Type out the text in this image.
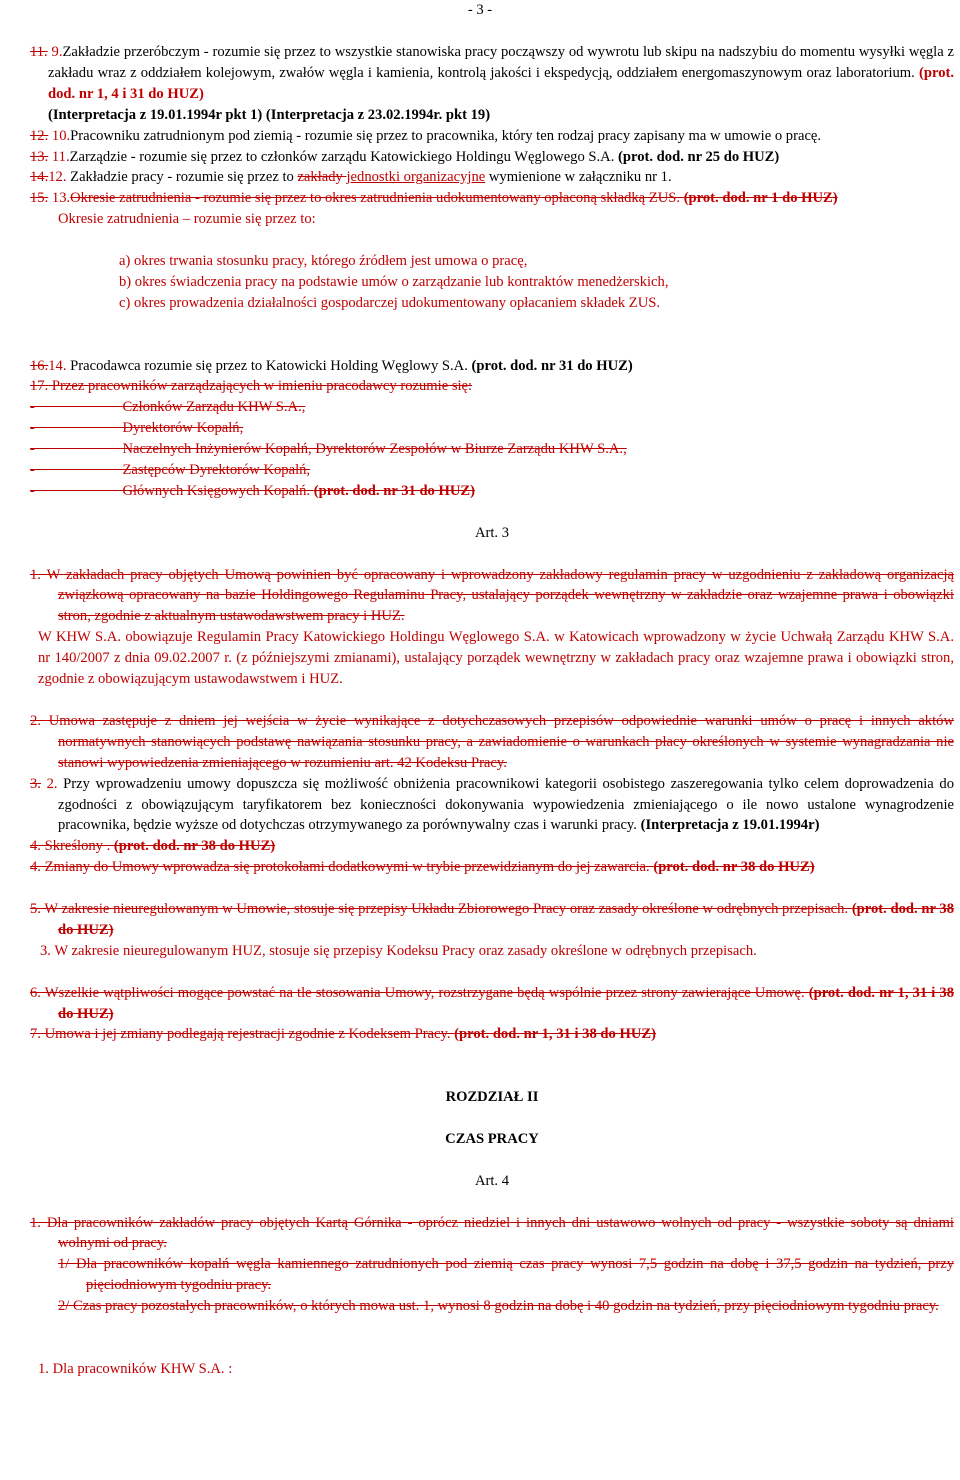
- 3 -

11. 9.Zakładzie przeróbczym - rozumie się przez to wszystkie stanowiska pracy począwszy od wywrotu lub skipu na nadszybiu do momentu wysyłki węgla z zakładu wraz z oddziałem kolejowym, zwałów węgla i kamienia, kontrolą jakości i ekspedycją, oddziałem energomaszynowym oraz laboratorium. (prot. dod. nr 1, 4 i 31 do HUZ)
(Interpretacja z 19.01.1994r pkt 1) (Interpretacja z 23.02.1994r. pkt 19)

12. 10.Pracowniku zatrudnionym pod ziemią - rozumie się przez to pracownika, który ten rodzaj pracy zapisany ma w umowie o pracę.

13. 11.Zarządzie - rozumie się przez to członków zarządu Katowickiego Holdingu Węglowego S.A. (prot. dod. nr 25 do HUZ)

14.12. Zakładzie pracy - rozumie się przez to zakłady jednostki organizacyjne wymienione w załączniku nr 1.

15. 13.Okresie zatrudnienia - rozumie się przez to okres zatrudnienia udokumentowany opłaconą składką ZUS. (prot. dod. nr 1 do HUZ)

Okresie zatrudnienia – rozumie się przez to:

a) okres trwania stosunku pracy, którego źródłem jest umowa o pracę,

b) okres świadczenia pracy na podstawie umów o zarządzanie lub kontraktów menedżerskich,

c) okres prowadzenia działalności gospodarczej udokumentowany opłacaniem składek ZUS.

16.14. Pracodawca rozumie się przez to Katowicki Holding Węglowy S.A. (prot. dod. nr 31 do HUZ)

17. Przez pracowników zarządzających w imieniu pracodawcy rozumie się:

-                        Członków Zarządu KHW S.A.,

-                        Dyrektorów Kopalń,

-                        Naczelnych Inżynierów Kopalń, Dyrektorów Zespołów w Biurze Zarządu KHW S.A.,

-                        Zastępców Dyrektorów Kopalń,

-                        Głównych Księgowych Kopalń. (prot. dod. nr 31 do HUZ)

Art. 3

1. W zakładach pracy objętych Umową powinien być opracowany i wprowadzony zakładowy regulamin pracy w uzgodnieniu z zakładową organizacją związkową opracowany na bazie Holdingowego Regulaminu Pracy, ustalający porządek wewnętrzny w zakładzie oraz wzajemne prawa i obowiązki stron, zgodnie z aktualnym ustawodawstwem pracy i HUZ.

W KHW S.A. obowiązuje Regulamin Pracy Katowickiego Holdingu Węglowego S.A. w Katowicach wprowadzony w życie Uchwałą Zarządu KHW S.A. nr 140/2007 z dnia 09.02.2007 r. (z późniejszymi zmianami), ustalający porządek wewnętrzny w zakładach pracy oraz wzajemne prawa i obowiązki stron, zgodnie z obowiązującym ustawodawstwem i HUZ.

2. Umowa zastępuje z dniem jej wejścia w życie wynikające z dotychczasowych przepisów odpowiednie warunki umów o pracę i innych aktów normatywnych stanowiących podstawę nawiązania stosunku pracy, a zawiadomienie o warunkach płacy określonych w systemie wynagradzania nie stanowi wypowiedzenia zmieniającego w rozumieniu art. 42 Kodeksu Pracy.

3. 2. Przy wprowadzeniu umowy dopuszcza się możliwość obniżenia pracownikowi kategorii osobistego zaszeregowania tylko celem doprowadzenia do zgodności z obowiązującym taryfikatorem bez konieczności dokonywania wypowiedzenia zmieniającego o ile nowo ustalone wynagrodzenie pracownika, będzie wyższe od dotychczas otrzymywanego za porównywalny czas i warunki pracy. (Interpretacja z 19.01.1994r)

4. Skreślony . (prot. dod. nr 38 do HUZ)

4. Zmiany do Umowy wprowadza się protokołami dodatkowymi w trybie przewidzianym do jej zawarcia. (prot. dod. nr 38 do HUZ)

5. W zakresie nieuregulowanym w Umowie, stosuje się przepisy Układu Zbiorowego Pracy oraz zasady określone w odrębnych przepisach. (prot. dod. nr 38 do HUZ)

3. W zakresie nieuregulowanym HUZ, stosuje się przepisy Kodeksu Pracy oraz zasady określone w odrębnych przepisach.

6. Wszelkie wątpliwości mogące powstać na tle stosowania Umowy, rozstrzygane będą wspólnie przez strony zawierające Umowę. (prot. dod. nr 1, 31 i 38 do HUZ)

7. Umowa i jej zmiany podlegają rejestracji zgodnie z Kodeksem Pracy. (prot. dod. nr 1, 31 i 38 do HUZ)

ROZDZIAŁ II

CZAS PRACY

Art. 4

1. Dla pracowników zakładów pracy objętych Kartą Górnika - oprócz niedziel i innych dni ustawowo wolnych od pracy - wszystkie soboty są dniami wolnymi od pracy.

1/ Dla pracowników kopalń węgla kamiennego zatrudnionych pod ziemią czas pracy wynosi 7,5 godzin na dobę i 37,5 godzin na tydzień, przy pięciodniowym tygodniu pracy.

2/ Czas pracy pozostałych pracowników, o których mowa ust. 1, wynosi 8 godzin na dobę i 40 godzin na tydzień, przy pięciodniowym tygodniu pracy.

1. Dla pracowników KHW S.A. :
